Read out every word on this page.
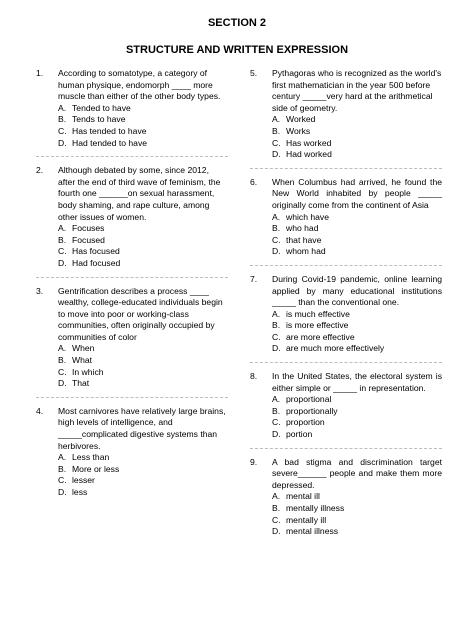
SECTION 2
STRUCTURE AND WRITTEN EXPRESSION
1. According to somatotype, a category of human physique, endomorph ____ more muscle than either of the other body types.
A. Tended to have
B. Tends to have
C. Has tended to have
D. Had tended to have
2. Although debated by some, since 2012, after the end of third wave of feminism, the fourth one ______on sexual harassment, body shaming, and rape culture, among other issues of women.
A. Focuses
B. Focused
C. Has focused
D. Had focused
3. Gentrification describes a process ____ wealthy, college-educated individuals begin to move into poor or working-class communities, often originally occupied by communities of color
A. When
B. What
C. In which
D. That
4. Most carnivores have relatively large brains, high levels of intelligence, and _____complicated digestive systems than herbivores.
A. Less than
B. More or less
C. lesser
D. less
5. Pythagoras who is recognized as the world's first mathematician in the year 500 before century _____very hard at the arithmetical side of geometry.
A. Worked
B. Works
C. Has worked
D. Had worked
6. When Columbus had arrived, he found the New World inhabited by people _____ originally come from the continent of Asia
A. which have
B. who had
C. that have
D. whom had
7. During Covid-19 pandemic, online learning applied by many educational institutions _____ than the conventional one.
A. is much effective
B. is more effective
C. are more effective
D. are much more effectively
8. In the United States, the electoral system is either simple or _____ in representation.
A. proportional
B. proportionally
C. proportion
D. portion
9. A bad stigma and discrimination target severe______ people and make them more depressed.
A. mental ill
B. mentally illness
C. mentally ill
D. mental illness
